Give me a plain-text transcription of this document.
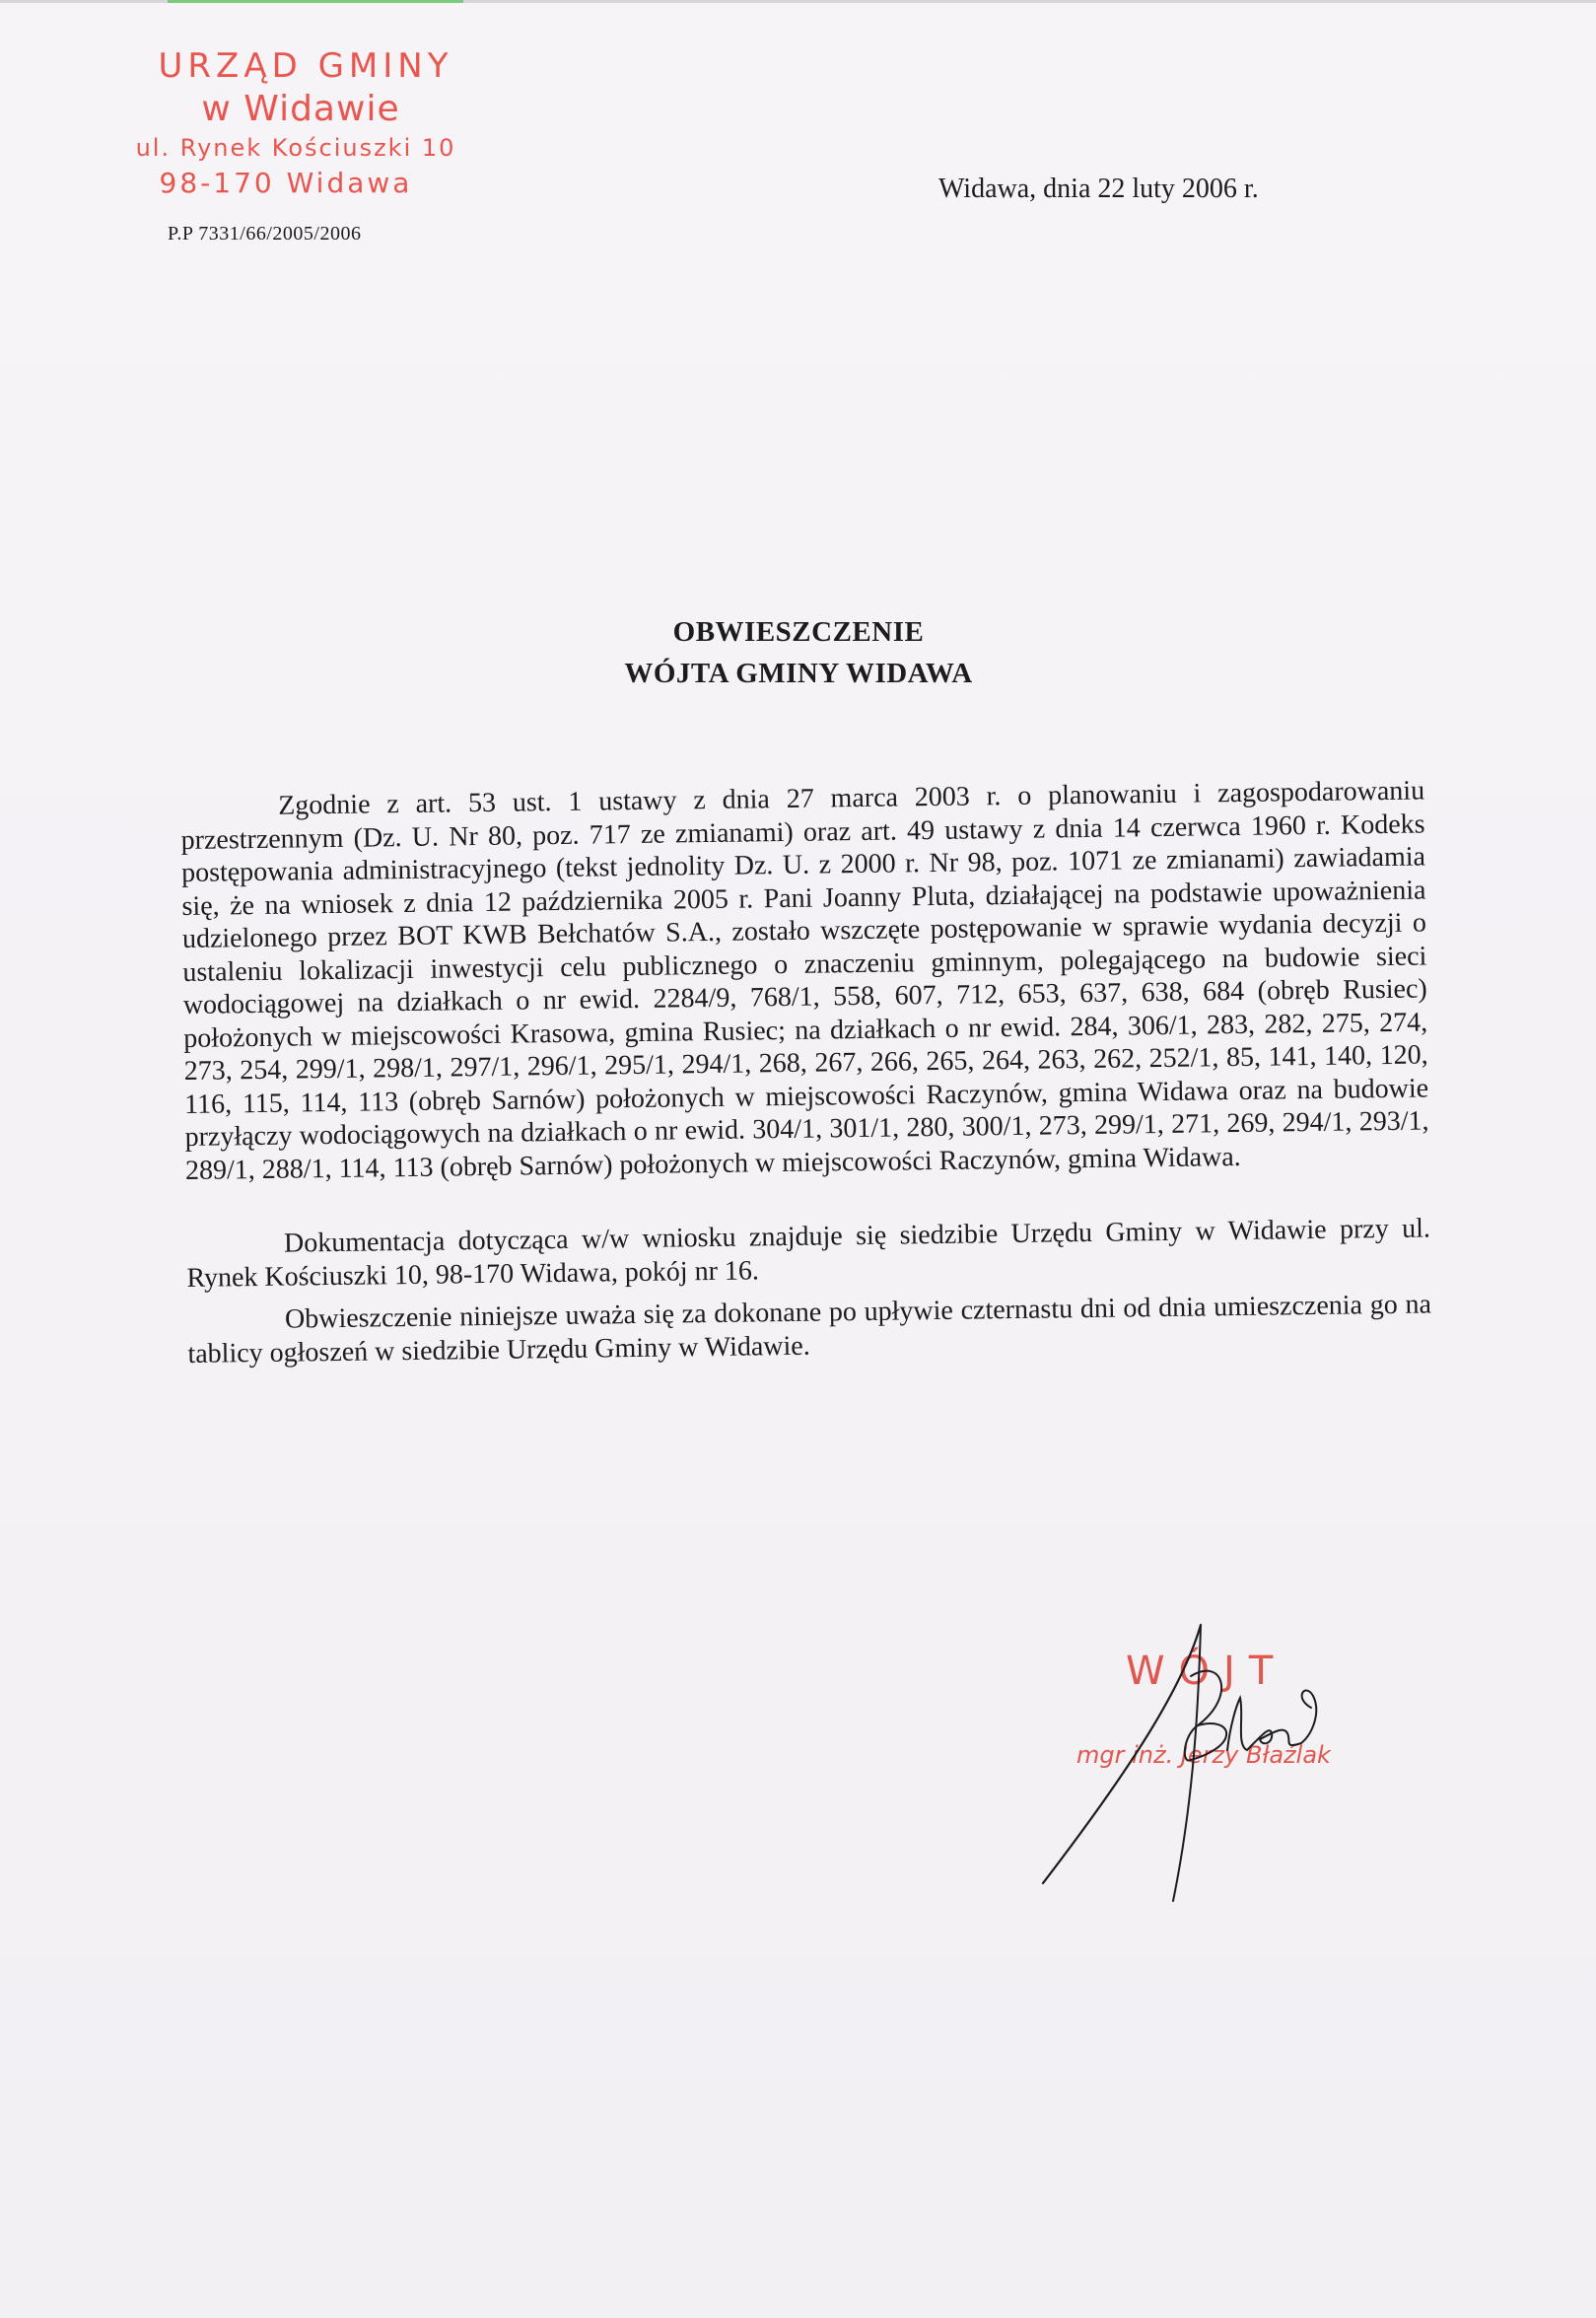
URZĄD GMINY
w Widawie
ul. Rynek Kościuszki 10
98-170 Widawa
P.P 7331/66/2005/2006
Widawa, dnia 22 luty 2006 r.
OBWIESZCZENIE
WÓJTA GMINY WIDAWA

Zgodnie z art. 53 ust. 1 ustawy z dnia 27 marca 2003 r. o planowaniu i zagospodarowaniu przestrzennym (Dz. U. Nr 80, poz. 717 ze zmianami) oraz art. 49 ustawy z dnia 14 czerwca 1960 r. Kodeks postępowania administracyjnego (tekst jednolity Dz. U. z 2000 r. Nr 98, poz. 1071 ze zmianami) zawiadamia się, że na wniosek z dnia 12 października 2005 r. Pani Joanny Pluta, działającej na podstawie upoważnienia udzielonego przez BOT KWB Bełchatów S.A., zostało wszczęte postępowanie w sprawie wydania decyzji o ustaleniu lokalizacji inwestycji celu publicznego o znaczeniu gminnym, polegającego na budowie sieci wodociągowej na działkach o nr ewid. 2284/9, 768/1, 558, 607, 712, 653, 637, 638, 684 (obręb Rusiec) położonych w miejscowości Krasowa, gmina Rusiec; na działkach o nr ewid. 284, 306/1, 283, 282, 275, 274, 273, 254, 299/1, 298/1, 297/1, 296/1, 295/1, 294/1, 268, 267, 266, 265, 264, 263, 262, 252/1, 85, 141, 140, 120, 116, 115, 114, 113 (obręb Sarnów) położonych w miejscowości Raczynów, gmina Widawa oraz na budowie przyłączy wodociągowych na działkach o nr ewid. 304/1, 301/1, 280, 300/1, 273, 299/1, 271, 269, 294/1, 293/1, 289/1, 288/1, 114, 113 (obręb Sarnów) położonych w miejscowości Raczynów, gmina Widawa.

Dokumentacja dotycząca w/w wniosku znajduje się siedzibie Urzędu Gminy w Widawie przy ul. Rynek Kościuszki 10, 98-170 Widawa, pokój nr 16.

Obwieszczenie niniejsze uważa się za dokonane po upływie czternastu dni od dnia umieszczenia go na tablicy ogłoszeń w siedzibie Urzędu Gminy w Widawie.

WÓJT
mgr inż. Jerzy Błaźlak
